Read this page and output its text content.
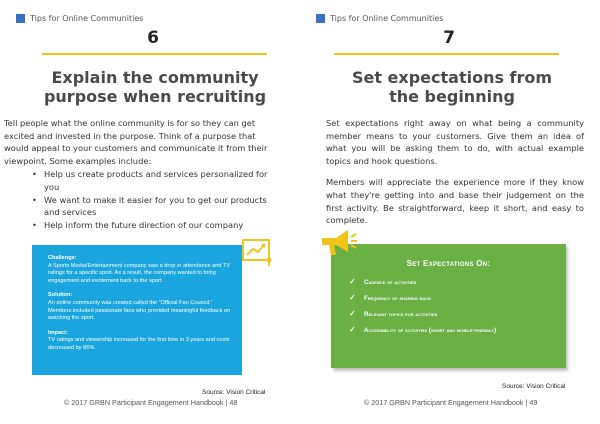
Tips for Online Communities
6
Explain the community
purpose when recruiting

Tell people what the online community is for so they can get excited and invested in the purpose. Think of a purpose that would appeal to your customers and communicate it from their viewpoint. Some examples include:

• Help us create products and services personalized for you
• We want to make it easier for you to get our products and services
• Help inform the future direction of our company
Challenge:
A Sports Media/Entertainment company saw a drop in attendance and TV ratings for a specific sport. As a result, the company wanted to bring engagement and excitement back to the sport.
Solution:
An online community was created called the “Official Fan Council.” Members included passionate fans who provided meaningful feedback on watching the sport.
Impact:
TV ratings and viewership increased for the first time in 3 years and costs decreased by 86%.
Source: Vision Critical
© 2017 GRBN Participant Engagement Handbook | 48
Tips for Online Communities
7
Set expectations from
the beginning

Set expectations right away on what being a community member means to your customers. Give them an idea of what you will be asking them to do, with actual example topics and hook questions.

Members will appreciate the experience more if they know what they're getting into and base their judgement on the first activity. Be straightforward, keep it short, and easy to complete.

Set Expectations On:
✓ Cadence of activities
✓ Frequency of sharing back
✓ Relevant topics for activities
✓ Accessibility of activities (short and mobile-friendly)
Source: Vision Critical
© 2017 GRBN Participant Engagement Handbook | 49
